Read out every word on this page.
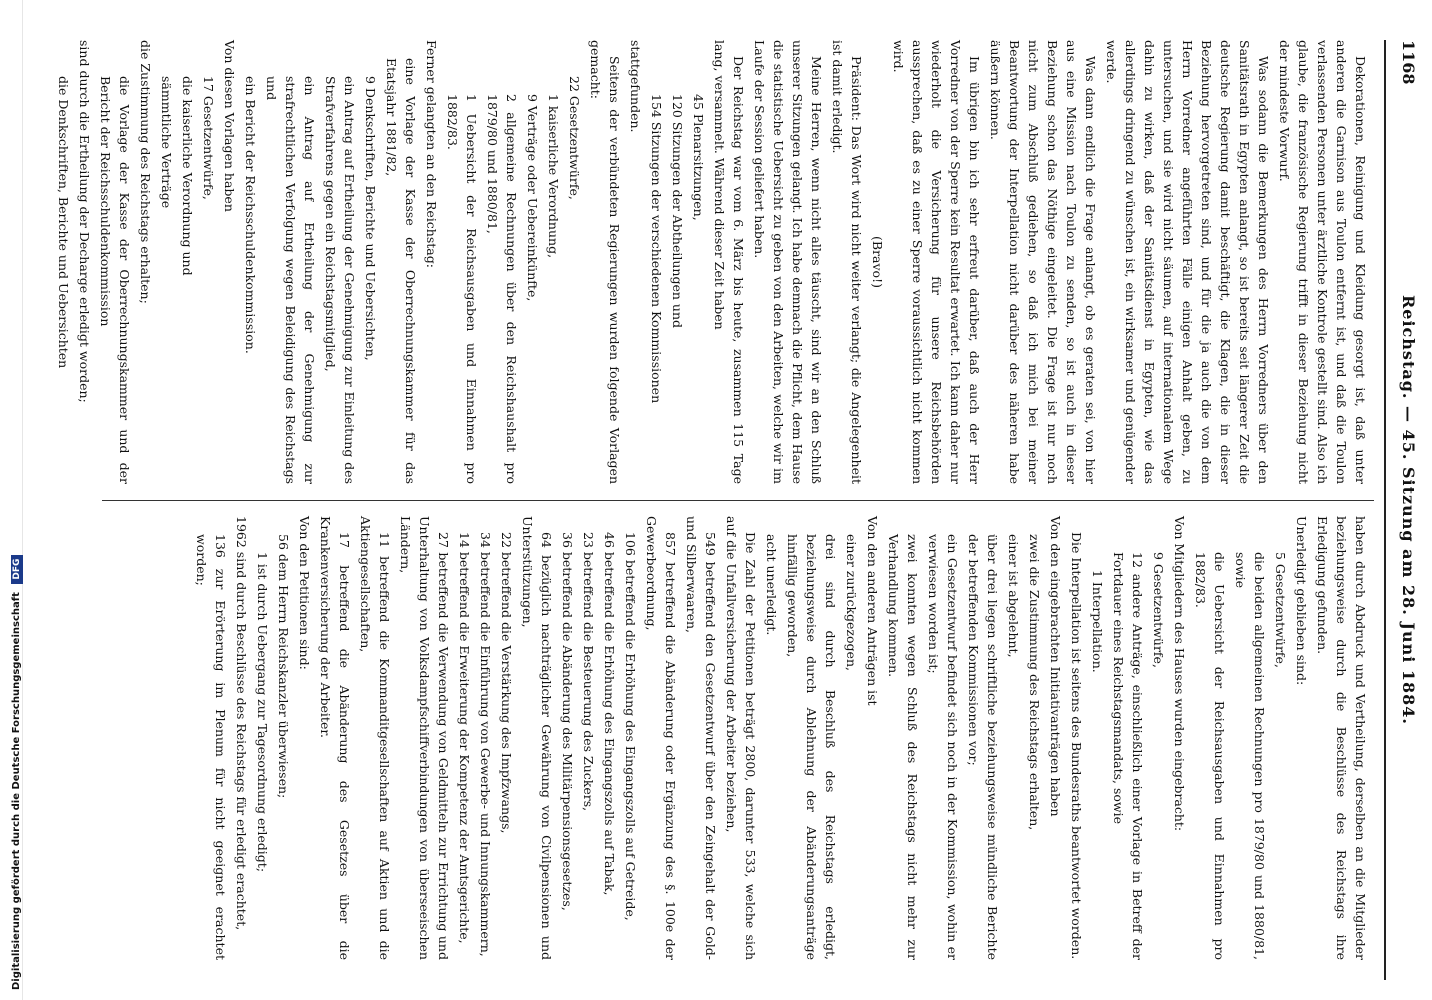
Digitalisierung gefördert durch die Deutsche Forschungsgemeinschaft DFG
1168
Reichstag. — 45. Sitzung am 28. Juni 1884.

Dekorationen, Reinigung und Kleidung gesorgt ist, daß unter anderen die Garnison aus Toulon entfernt ist, und daß die Toulon verlassenden Personen unter ärztliche Kontrole gestellt sind. Also ich glaube, die französische Regierung trifft in dieser Beziehung nicht der mindeste Vorwurf.

Was sodann die Bemerkungen des Herrn Vorredners über den Sanitätsrath in Egypten anlangt, so ist bereits seit längerer Zeit die deutsche Regierung damit beschäftigt, die Klagen, die in dieser Beziehung hervorgetreten sind, und für die ja auch die von dem Herrn Vorredner angeführten Fälle einigen Anhalt geben, zu untersuchen, und sie wird nicht säumen, auf internationalem Wege dahin zu wirken, daß der Sanitätsdienst in Egypten, wie das allerdings dringend zu wünschen ist, ein wirksamer und genügender werde.

Was dann endlich die Frage anlangt, ob es geraten sei, von hier aus eine Mission nach Toulon zu senden, so ist auch in dieser Beziehung schon das Nöthige eingeleitet. Die Frage ist nur noch nicht zum Abschluß gediehen, so daß ich mich bei meiner Beantwortung der Interpellation nicht darüber des näheren habe äußern können.

Im übrigen bin ich sehr erfreut darüber, daß auch der Herr Vorredner von der Sperre kein Resultat erwartet. Ich kann daher nur wiederholt die Versicherung für unsere Reichsbehörden aussprechen, daß es zu einer Sperre voraussichtlich nicht kommen wird.

(Bravo!)

Präsident: Das Wort wird nicht weiter verlangt; die Angelegenheit ist damit erledigt.

Meine Herren, wenn nicht alles täuscht, sind wir an den Schluß unserer Sitzungen gelangt. Ich habe demnach die Pflicht, dem Hause die statistische Uebersicht zu geben von den Arbeiten, welche wir im Laufe der Session geliefert haben.

Der Reichstag war vom 6. März bis heute, zusammen 115 Tage lang, versammelt. Während dieser Zeit haben

45 Plenarsitzungen,

120 Sitzungen der Abtheilungen und

154 Sitzungen der verschiedenen Kommissionen

stattgefunden.

Seitens der verbündeten Regierungen wurden folgende Vorlagen gemacht:

22 Gesetzentwürfe,

1 kaiserliche Verordnung,

9 Verträge oder Uebereinkünfte,

2 allgemeine Rechnungen über den Reichshaushalt pro 1879/80 und 1880/81,

1 Uebersicht der Reichsausgaben und Einnahmen pro 1882/83.

Ferner gelangten an den Reichstag:

eine Vorlage der Kasse der Oberrechnungskammer für das Etatsjahr 1881/82,

9 Denkschriften, Berichte und Uebersichten,

ein Antrag auf Ertheilung der Genehmigung zur Einleitung des Strafverfahrens gegen ein Reichstagsmitglied,

ein Antrag auf Ertheilung der Genehmigung zur strafrechtlichen Verfolgung wegen Beleidigung des Reichstags und

ein Bericht der Reichsschuldenkommission.

Von diesen Vorlagen haben

17 Gesetzentwürfe,

die kaiserliche Verordnung und

sämmtliche Verträge

die Zustimmung des Reichstags erhalten;

die Vorlage der Kasse der Oberrechnungskammer und der Bericht der Reichsschuldenkommission

sind durch die Ertheilung der Decharge erledigt worden;

die Denkschriften, Berichte und Uebersichten

haben durch Abdruck und Vertheilung, derselben an die Mitglieder beziehungsweise durch die Beschlüsse des Reichstags ihre Erledigung gefunden.

Unerledigt geblieben sind:

5 Gesetzentwürfe,

die beiden allgemeinen Rechnungen pro 1879/80 und 1880/81, sowie

die Uebersicht der Reichsausgaben und Einnahmen pro 1882/83.

Von Mitgliedern des Hauses wurden eingebracht:

9 Gesetzentwürfe,

12 andere Anträge, einschließlich einer Vorlage in Betreff der Fortdauer eines Reichstagsmandats, sowie

1 Interpellation.

Die Interpellation ist seitens des Bundesraths beantwortet worden.

Von den eingebrachten Initiativanträgen haben

zwei die Zustimmung des Reichstags erhalten,

einer ist abgelehnt,

über drei liegen schriftliche beziehungsweise mündliche Berichte der betreffenden Kommissionen vor;

ein Gesetzentwurf befindet sich noch in der Kommission, wohin er verwiesen worden ist;

zwei konnten wegen Schluß des Reichstags nicht mehr zur Verhandlung kommen.

Von den anderen Anträgen ist

einer zurückgezogen,

drei sind durch Beschluß des Reichstags erledigt, beziehungsweise durch Ablehnung der Abänderungsanträge hinfällig geworden,

acht unerledigt.

Die Zahl der Petitionen beträgt 2800, darunter 533, welche sich auf die Unfallversicherung der Arbeiter beziehen,

549 betreffend den Gesetzentwurf über den Zeingehalt der Gold- und Silberwaaren,

857 betreffend die Abänderung oder Ergänzung des §. 100e der Gewerbeordnung,

106 betreffend die Erhöhung des Eingangszolls auf Getreide,

46 betreffend die Erhöhung des Eingangszolls auf Tabak,

23 betreffend die Besteuerung des Zuckers,

36 betreffend die Abänderung des Militärpensionsgesetzes,

64 bezüglich nachträglicher Gewährung von Civilpensionen und Unterstützungen,

22 betreffend die Verstärkung des Impfzwangs,

34 betreffend die Einführung von Gewerbe- und Innungskammern,

14 betreffend die Erweiterung der Kompetenz der Amtsgerichte,

27 betreffend die Verwendung von Geldmitteln zur Errichtung und Unterhaltung von Volksdampfschiffverbindungen von überseeischen Ländern,

11 betreffend die Kommanditgesellschaften auf Aktien und die Aktiengesellschaften,

17 betreffend die Abänderung des Gesetzes über die Krankenversicherung der Arbeiter.

Von den Petitionen sind:

56 dem Herrn Reichskanzler überwiesen;

1 ist durch Uebergang zur Tagesordnung erledigt;

1962 sind durch Beschlüsse des Reichstags für erledigt erachtet,

136 zur Erörterung im Plenum für nicht geeignet erachtet worden;
